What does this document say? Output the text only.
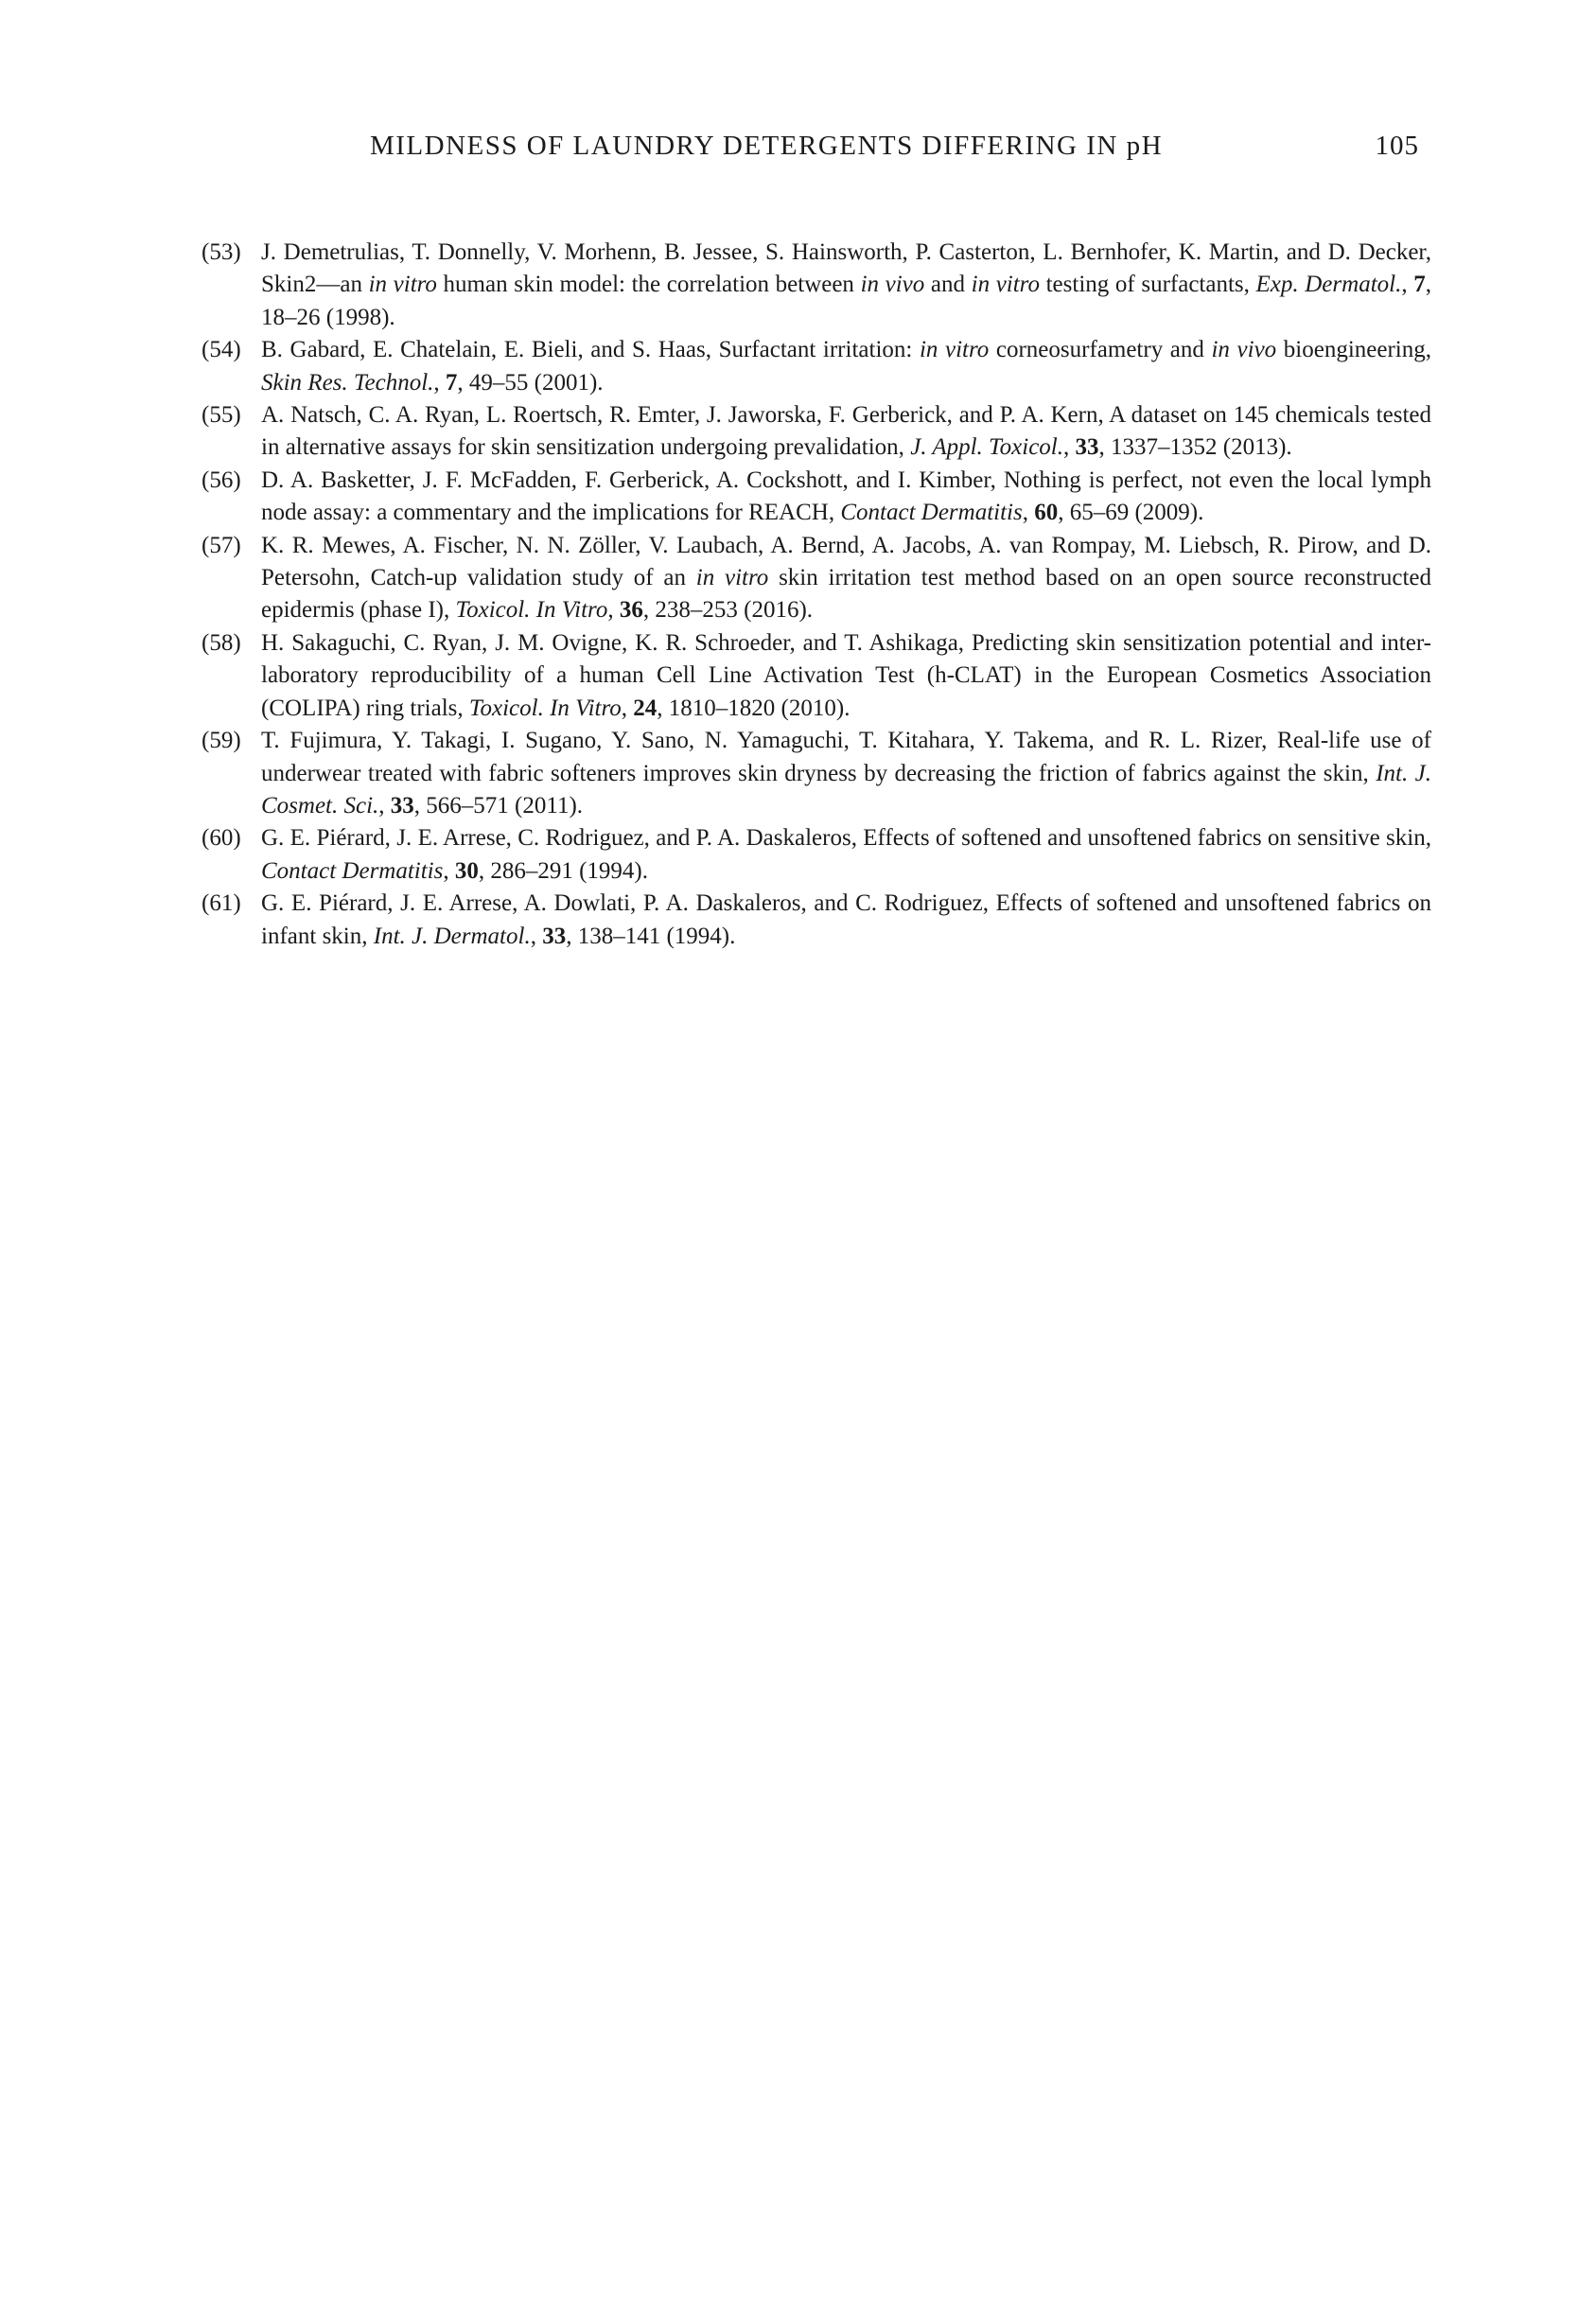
MILDNESS OF LAUNDRY DETERGENTS DIFFERING IN pH	105
(53) J. Demetrulias, T. Donnelly, V. Morhenn, B. Jessee, S. Hainsworth, P. Casterton, L. Bernhofer, K. Martin, and D. Decker, Skin2—an in vitro human skin model: the correlation between in vivo and in vitro testing of surfactants, Exp. Dermatol., 7, 18–26 (1998).
(54) B. Gabard, E. Chatelain, E. Bieli, and S. Haas, Surfactant irritation: in vitro corneosurfametry and in vivo bioengineering, Skin Res. Technol., 7, 49–55 (2001).
(55) A. Natsch, C. A. Ryan, L. Roertsch, R. Emter, J. Jaworska, F. Gerberick, and P. A. Kern, A dataset on 145 chemicals tested in alternative assays for skin sensitization undergoing prevalidation, J. Appl. Toxicol., 33, 1337–1352 (2013).
(56) D. A. Basketter, J. F. McFadden, F. Gerberick, A. Cockshott, and I. Kimber, Nothing is perfect, not even the local lymph node assay: a commentary and the implications for REACH, Contact Dermatitis, 60, 65–69 (2009).
(57) K. R. Mewes, A. Fischer, N. N. Zöller, V. Laubach, A. Bernd, A. Jacobs, A. van Rompay, M. Liebsch, R. Pirow, and D. Petersohn, Catch-up validation study of an in vitro skin irritation test method based on an open source reconstructed epidermis (phase I), Toxicol. In Vitro, 36, 238–253 (2016).
(58) H. Sakaguchi, C. Ryan, J. M. Ovigne, K. R. Schroeder, and T. Ashikaga, Predicting skin sensitization potential and inter-laboratory reproducibility of a human Cell Line Activation Test (h-CLAT) in the European Cosmetics Association (COLIPA) ring trials, Toxicol. In Vitro, 24, 1810–1820 (2010).
(59) T. Fujimura, Y. Takagi, I. Sugano, Y. Sano, N. Yamaguchi, T. Kitahara, Y. Takema, and R. L. Rizer, Real-life use of underwear treated with fabric softeners improves skin dryness by decreasing the friction of fabrics against the skin, Int. J. Cosmet. Sci., 33, 566–571 (2011).
(60) G. E. Piérard, J. E. Arrese, C. Rodriguez, and P. A. Daskaleros, Effects of softened and unsoftened fabrics on sensitive skin, Contact Dermatitis, 30, 286–291 (1994).
(61) G. E. Piérard, J. E. Arrese, A. Dowlati, P. A. Daskaleros, and C. Rodriguez, Effects of softened and unsoftened fabrics on infant skin, Int. J. Dermatol., 33, 138–141 (1994).
